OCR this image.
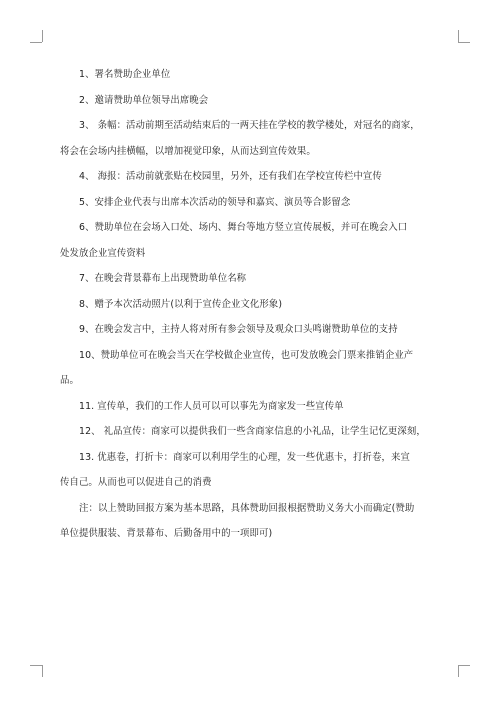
1、署名赞助企业单位

2、邀请赞助单位领导出席晚会

3、 条幅：活动前期至活动结束后的一两天挂在学校的教学楼处，对冠名的商家，
将会在会场内挂横幅，以增加视觉印象，从而达到宣传效果。

4、 海报：活动前就张贴在校园里，另外，还有我们在学校宣传栏中宣传

5、安排企业代表与出席本次活动的领导和嘉宾、演员等合影留念

6、赞助单位在会场入口处、场内、舞台等地方竖立宣传展板，并可在晚会入口
处发放企业宣传资料

7、在晚会背景幕布上出现赞助单位名称

8、赠予本次活动照片(以利于宣传企业文化形象)

9、在晚会发言中，主持人将对所有参会领导及观众口头鸣谢赞助单位的支持

10、赞助单位可在晚会当天在学校做企业宣传，也可发放晚会门票来推销企业产
品。

11. 宣传单，我们的工作人员可以可以事先为商家发一些宣传单

12、 礼品宣传：商家可以提供我们一些含商家信息的小礼品，让学生记忆更深刻，

13. 优惠卷，打折卡：商家可以利用学生的心理，发一些优惠卡，打折卷，来宣
传自己。从而也可以促进自己的消费

注：以上赞助回报方案为基本思路，具体赞助回报根据赞助义务大小而确定(赞助
单位提供服装、背景幕布、后勤备用中的一项即可)
